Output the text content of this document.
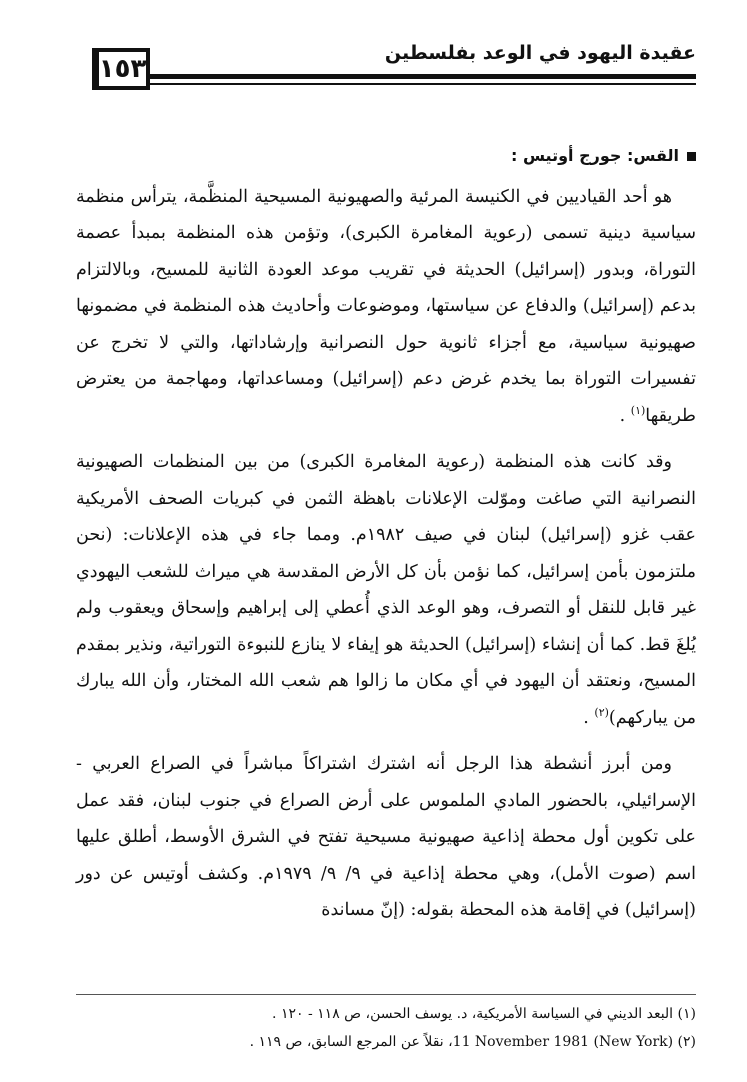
١٥٣
عقيدة اليهود في الوعد بفلسطين

القس: جورج أوتيس :

هو أحد القياديين في الكنيسة المرئية والصهيونية المسيحية المنظَّمة، يترأس منظمة سياسية دينية تسمى (رعوية المغامرة الكبرى)، وتؤمن هذه المنظمة بمبدأ عصمة التوراة، وبدور (إسرائيل) الحديثة في تقريب موعد العودة الثانية للمسيح، وبالالتزام بدعم (إسرائيل) والدفاع عن سياستها، وموضوعات وأحاديث هذه المنظمة في مضمونها صهيونية سياسية، مع أجزاء ثانوية حول النصرانية وإرشاداتها، والتي لا تخرج عن تفسيرات التوراة بما يخدم غرض دعم (إسرائيل) ومساعداتها، ومهاجمة من يعترض طريقها$^{(١)}$ .

وقد كانت هذه المنظمة (رعوية المغامرة الكبرى) من بين المنظمات الصهيونية النصرانية التي صاغت وموّلت الإعلانات باهظة الثمن في كبريات الصحف الأمريكية عقب غزو (إسرائيل) لبنان في صيف ١٩٨٢م. ومما جاء في هذه الإعلانات: (نحن ملتزمون بأمن إسرائيل، كما نؤمن بأن كل الأرض المقدسة هي ميراث للشعب اليهودي غير قابل للنقل أو التصرف، وهو الوعد الذي أُعطي إلى إبراهيم وإسحاق ويعقوب ولم يُلغَ قط. كما أن إنشاء (إسرائيل) الحديثة هو إيفاء لا ينازع للنبوءة التوراتية، ونذير بمقدم المسيح، ونعتقد أن اليهود في أي مكان ما زالوا هم شعب الله المختار، وأن الله يبارك من يباركهم)$^{(٢)}$ .

ومن أبرز أنشطة هذا الرجل أنه اشترك اشتراكاً مباشراً في الصراع العربي - الإسرائيلي، بالحضور المادي الملموس على أرض الصراع في جنوب لبنان، فقد عمل على تكوين أول محطة إذاعية صهيونية مسيحية تفتح في الشرق الأوسط، أطلق عليها اسم (صوت الأمل)، وهي محطة إذاعية في ٩/ ٩/ ١٩٧٩م. وكشف أوتيس عن دور (إسرائيل) في إقامة هذه المحطة بقوله: (إنّ مساندة

(١) البعد الديني في السياسة الأمريكية، د. يوسف الحسن، ص ١١٨ - ١٢٠ .
(٢) (New York) 11 November 1981، نقلاً عن المرجع السابق، ص ١١٩ .
